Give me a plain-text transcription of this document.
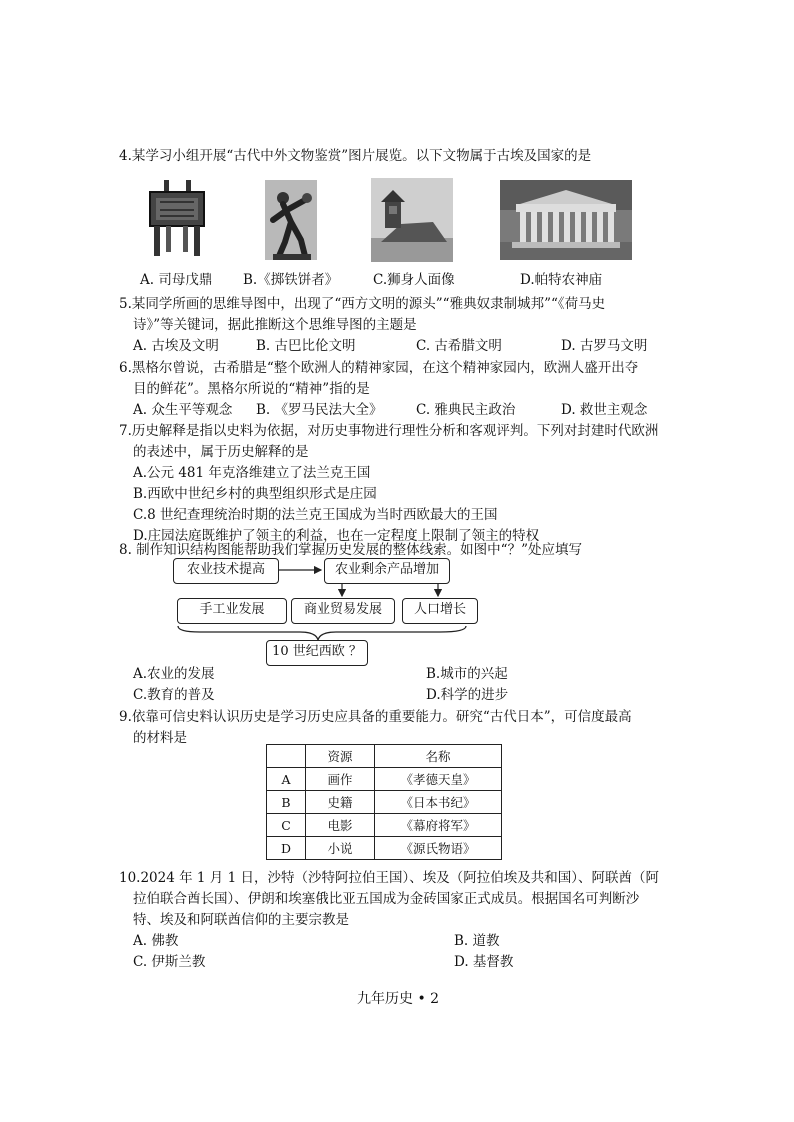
4.某学习小组开展“古代中外文物鉴赏”图片展览。以下文物属于古埃及国家的是
A. 司母戊鼎 B.《掷铁饼者》	C.狮身人面像	D.帕特农神庙
5.某同学所画的思维导图中，出现了“西方文明的源头”“雅典奴隶制城邦”“《荷马史
诗》”等关键词，据此推断这个思维导图的主题是
A. 古埃及文明	B. 古巴比伦文明	C. 古希腊文明	D. 古罗马文明
6.黑格尔曾说，古希腊是“整个欧洲人的精神家园，在这个精神家园内，欧洲人盛开出夺
目的鲜花”。黑格尔所说的“精神”指的是
A. 众生平等观念 B. 《罗马民法大全》 C. 雅典民主政治	D. 救世主观念
7.历史解释是指以史料为依据，对历史事物进行理性分析和客观评判。下列对封建时代欧洲
的表述中，属于历史解释的是
A.公元 481 年克洛维建立了法兰克王国
B.西欧中世纪乡村的典型组织形式是庄园
C.8 世纪查理统治时期的法兰克王国成为当时西欧最大的王国
D.庄园法庭既维护了领主的利益，也在一定程度上限制了领主的特权
8. 制作知识结构图能帮助我们掌握历史发展的整体线索。如图中“？”处应填写
农业技术提高	农业剩余产品增加
手工业发展	商业贸易发展	人口增长
10 世纪西欧 ？
A.农业的发展	B.城市的兴起
C.教育的普及	D.科学的进步
9.依靠可信史料认识历史是学习历史应具备的重要能力。研究“古代日本”，可信度最高
的材料是
	资源	名称
A	画作	《孝德天皇》
B	史籍	《日本书纪》
C	电影	《幕府将军》
D	小说	《源氏物语》
10.2024 年 1 月 1 日，沙特（沙特阿拉伯王国）、埃及（阿拉伯埃及共和国）、阿联酋（阿
拉伯联合酋长国）、伊朗和埃塞俄比亚五国成为金砖国家正式成员。根据国名可判断沙
特、埃及和阿联酋信仰的主要宗教是
A. 佛教	B. 道教
C. 伊斯兰教	D. 基督教
九年历史 • 2
